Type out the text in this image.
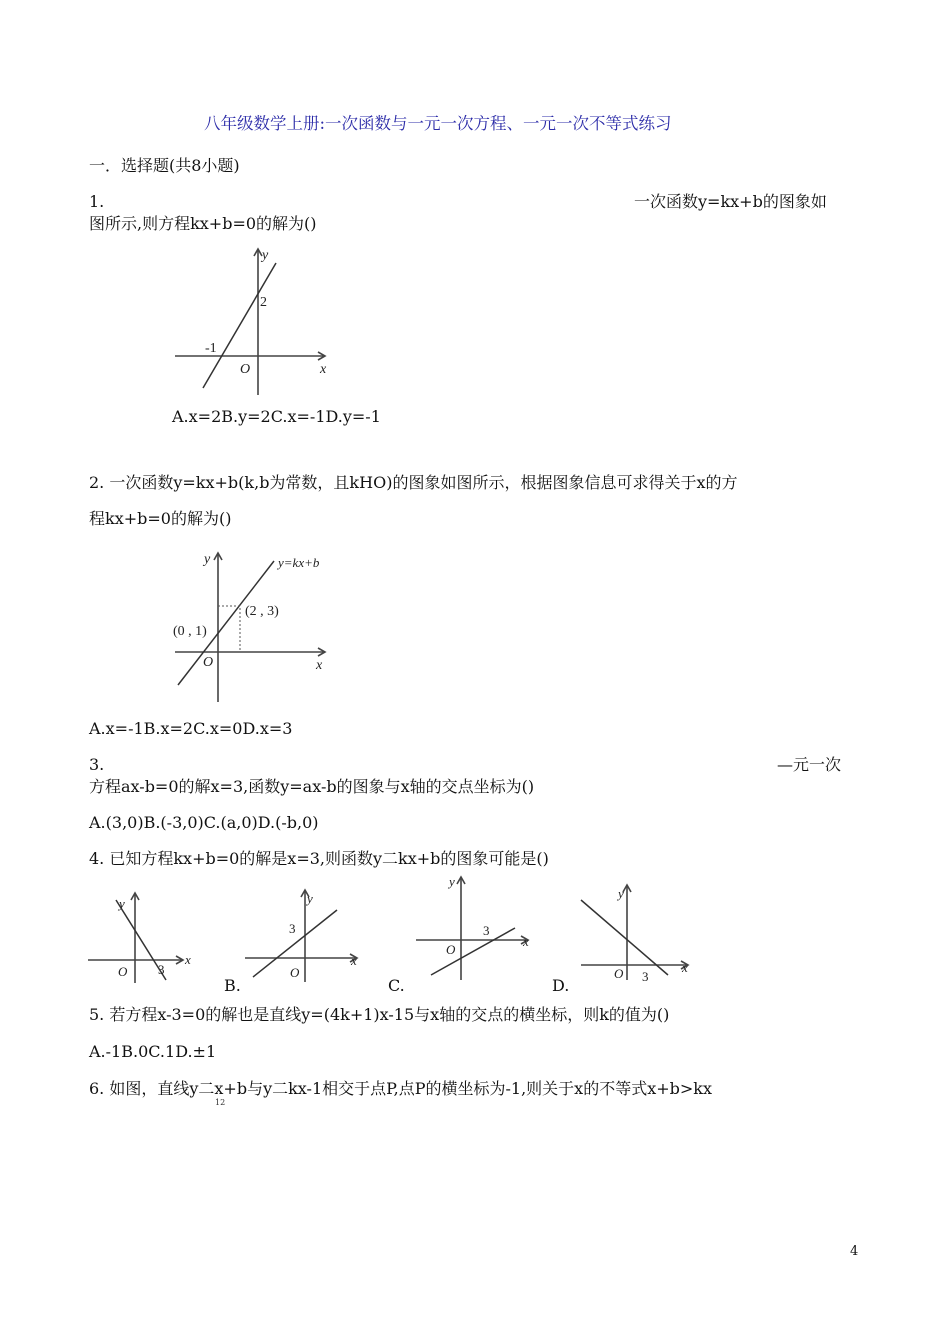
八年级数学上册:一次函数与一元一次方程、一元一次不等式练习
一．选择题(共8小题)
1.	一次函数y=kx+b的图象如
图所示,则方程kx+b=0的解为()
y
x
O
2
-1
A.x=2B.y=2C.x=-1D.y=-1
2. 一次函数y=kx+b(k,b为常数，且kHO)的图象如图所示，根据图象信息可求得关于x的方
程kx+b=0的解为()
y
x
O
y=kx+b
(0 , 1)
(2 , 3)
A.x=-1B.x=2C.x=0D.x=3
3.	—元一次
方程ax-b=0的解x=3,函数y=ax-b的图象与x轴的交点坐标为()
A.(3,0)B.(-3,0)C.(a,0)D.(-b,0)
4. 已知方程kx+b=0的解是x=3,则函数y二kx+b的图象可能是()
y
x
O 3
B.
y
x
O
3
C.
y
x
O
3
D.
y
x
O 3
5. 若方程x-3=0的解也是直线y=(4k+1)x-15与x轴的交点的横坐标，则k的值为()
A.-1B.0C.1D.±1
6. 如图，直线y二x+b与y二kx-1相交于点P,点P的横坐标为-1,则关于x的不等式x+b>kx
12
4
